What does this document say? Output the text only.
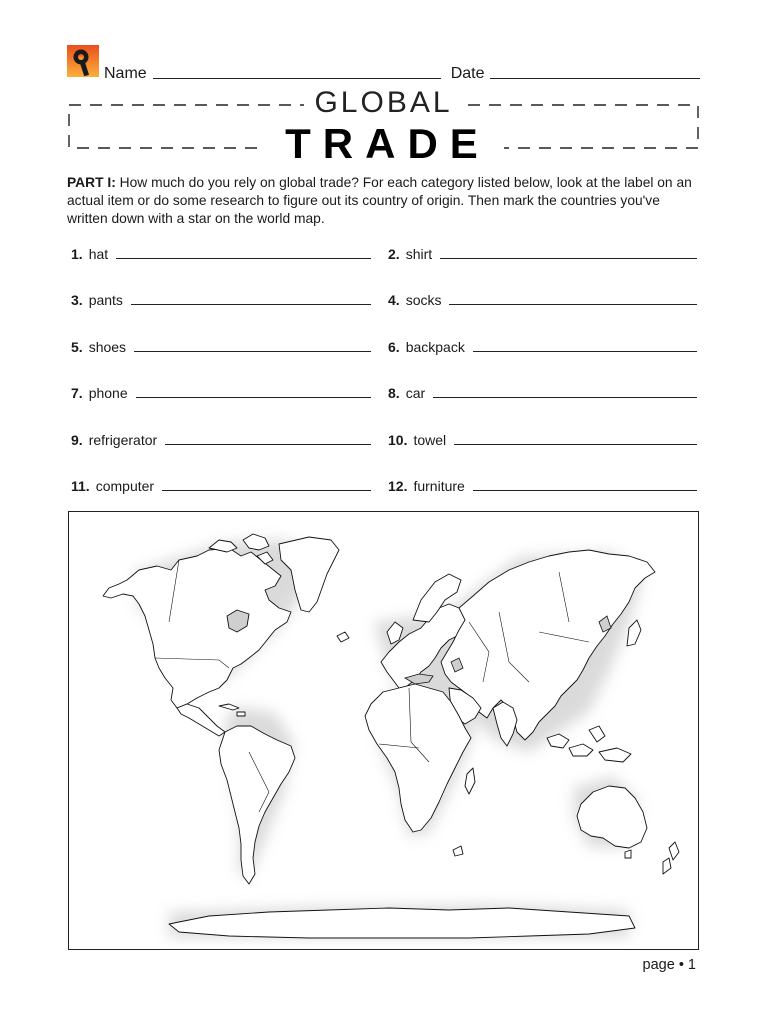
Name	Date
GLOBAL
TRADE
PART I: How much do you rely on global trade? For each category listed below, look at the label on an actual item or do some research to figure out its country of origin. Then mark the countries you've written down with a star on the world map.
1. hat	2. shirt
3. pants	4. socks
5. shoes	6. backpack
7. phone	8. car
9. refrigerator	10. towel
11. computer	12. furniture
page • 1
